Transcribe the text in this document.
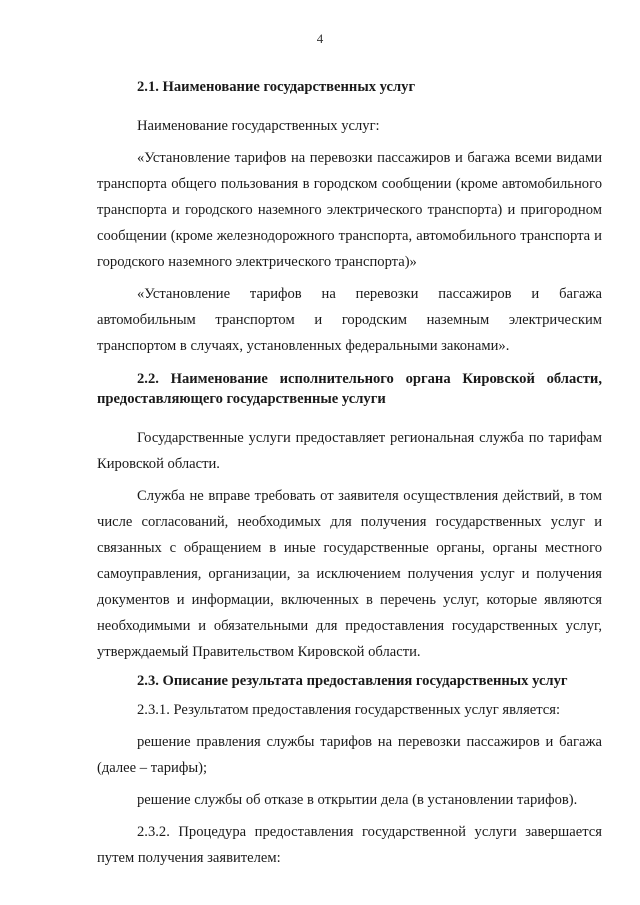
4

2.1. Наименование государственных услуг

Наименование государственных услуг:

«Установление тарифов на перевозки пассажиров и багажа всеми видами транспорта общего пользования в городском сообщении (кроме автомобильного транспорта и городского наземного электрического транспорта) и пригородном сообщении (кроме железнодорожного транспорта, автомобильного транспорта и городского наземного электрического транспорта)»

«Установление тарифов на перевозки пассажиров и багажа автомобильным транспортом и городским наземным электрическим транспортом в случаях, установленных федеральными законами».

2.2. Наименование исполнительного органа Кировской области, предоставляющего государственные услуги

Государственные услуги предоставляет региональная служба по тарифам Кировской области.

Служба не вправе требовать от заявителя осуществления действий, в том числе согласований, необходимых для получения государственных услуг и связанных с обращением в иные государственные органы, органы местного самоуправления, организации, за исключением получения услуг и получения документов и информации, включенных в перечень услуг, которые являются необходимыми и обязательными для предоставления государственных услуг, утверждаемый Правительством Кировской области.

2.3. Описание результата предоставления государственных услуг

2.3.1. Результатом предоставления государственных услуг является:

решение правления службы тарифов на перевозки пассажиров и багажа (далее – тарифы);

решение службы об отказе в открытии дела (в установлении тарифов).

2.3.2. Процедура предоставления государственной услуги завершается путем получения заявителем:
